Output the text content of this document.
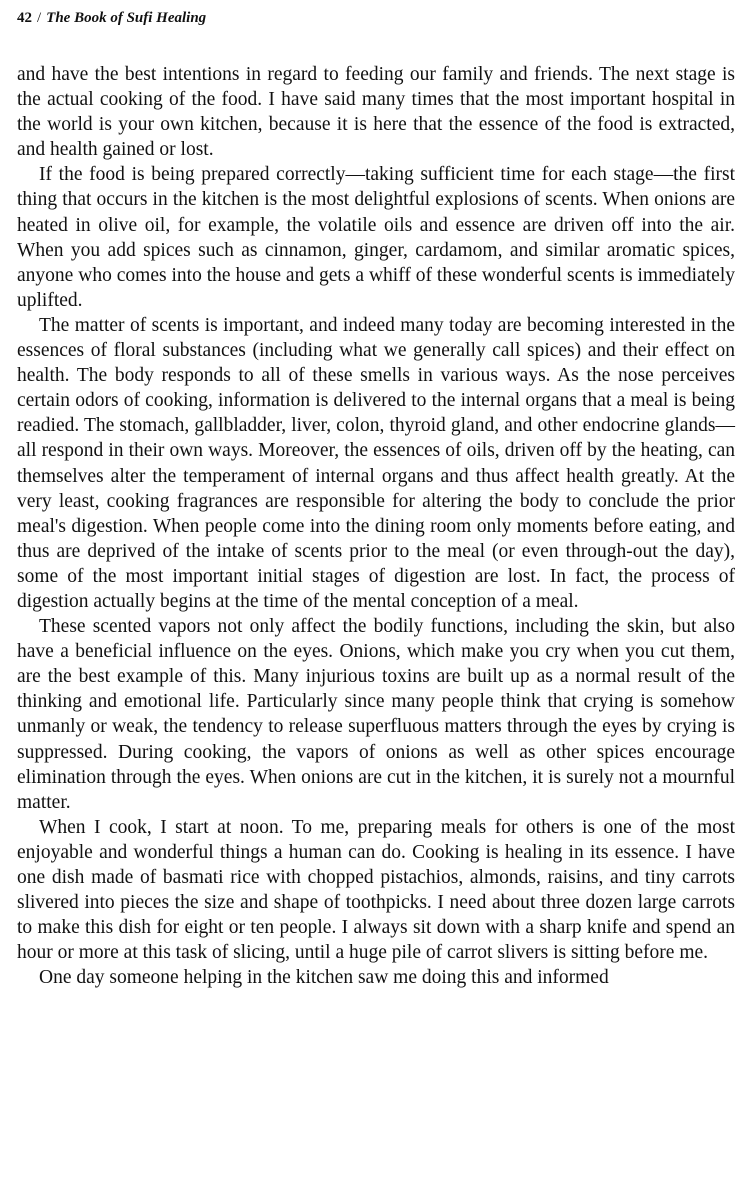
42 / The Book of Sufi Healing

and have the best intentions in regard to feeding our family and friends. The next stage is the actual cooking of the food. I have said many times that the most important hospital in the world is your own kitchen, because it is here that the essence of the food is extracted, and health gained or lost.

If the food is being prepared correctly—taking sufficient time for each stage—the first thing that occurs in the kitchen is the most delightful explosions of scents. When onions are heated in olive oil, for example, the volatile oils and essence are driven off into the air. When you add spices such as cinnamon, ginger, cardamom, and similar aromatic spices, anyone who comes into the house and gets a whiff of these wonderful scents is immediately uplifted.

The matter of scents is important, and indeed many today are becoming interested in the essences of floral substances (including what we generally call spices) and their effect on health. The body responds to all of these smells in various ways. As the nose perceives certain odors of cooking, information is delivered to the internal organs that a meal is being readied. The stomach, gallbladder, liver, colon, thyroid gland, and other endocrine glands—all respond in their own ways. Moreover, the essences of oils, driven off by the heating, can themselves alter the temperament of internal organs and thus affect health greatly. At the very least, cooking fragrances are responsible for altering the body to conclude the prior meal's digestion. When people come into the dining room only moments before eating, and thus are deprived of the intake of scents prior to the meal (or even through-out the day), some of the most important initial stages of digestion are lost. In fact, the process of digestion actually begins at the time of the mental conception of a meal.

These scented vapors not only affect the bodily functions, including the skin, but also have a beneficial influence on the eyes. Onions, which make you cry when you cut them, are the best example of this. Many injurious toxins are built up as a normal result of the thinking and emotional life. Particularly since many people think that crying is somehow unmanly or weak, the tendency to release superfluous matters through the eyes by crying is suppressed. During cooking, the vapors of onions as well as other spices encourage elimination through the eyes. When onions are cut in the kitchen, it is surely not a mournful matter.

When I cook, I start at noon. To me, preparing meals for others is one of the most enjoyable and wonderful things a human can do. Cooking is healing in its essence. I have one dish made of basmati rice with chopped pistachios, almonds, raisins, and tiny carrots slivered into pieces the size and shape of toothpicks. I need about three dozen large carrots to make this dish for eight or ten people. I always sit down with a sharp knife and spend an hour or more at this task of slicing, until a huge pile of carrot slivers is sitting before me.

One day someone helping in the kitchen saw me doing this and informed
